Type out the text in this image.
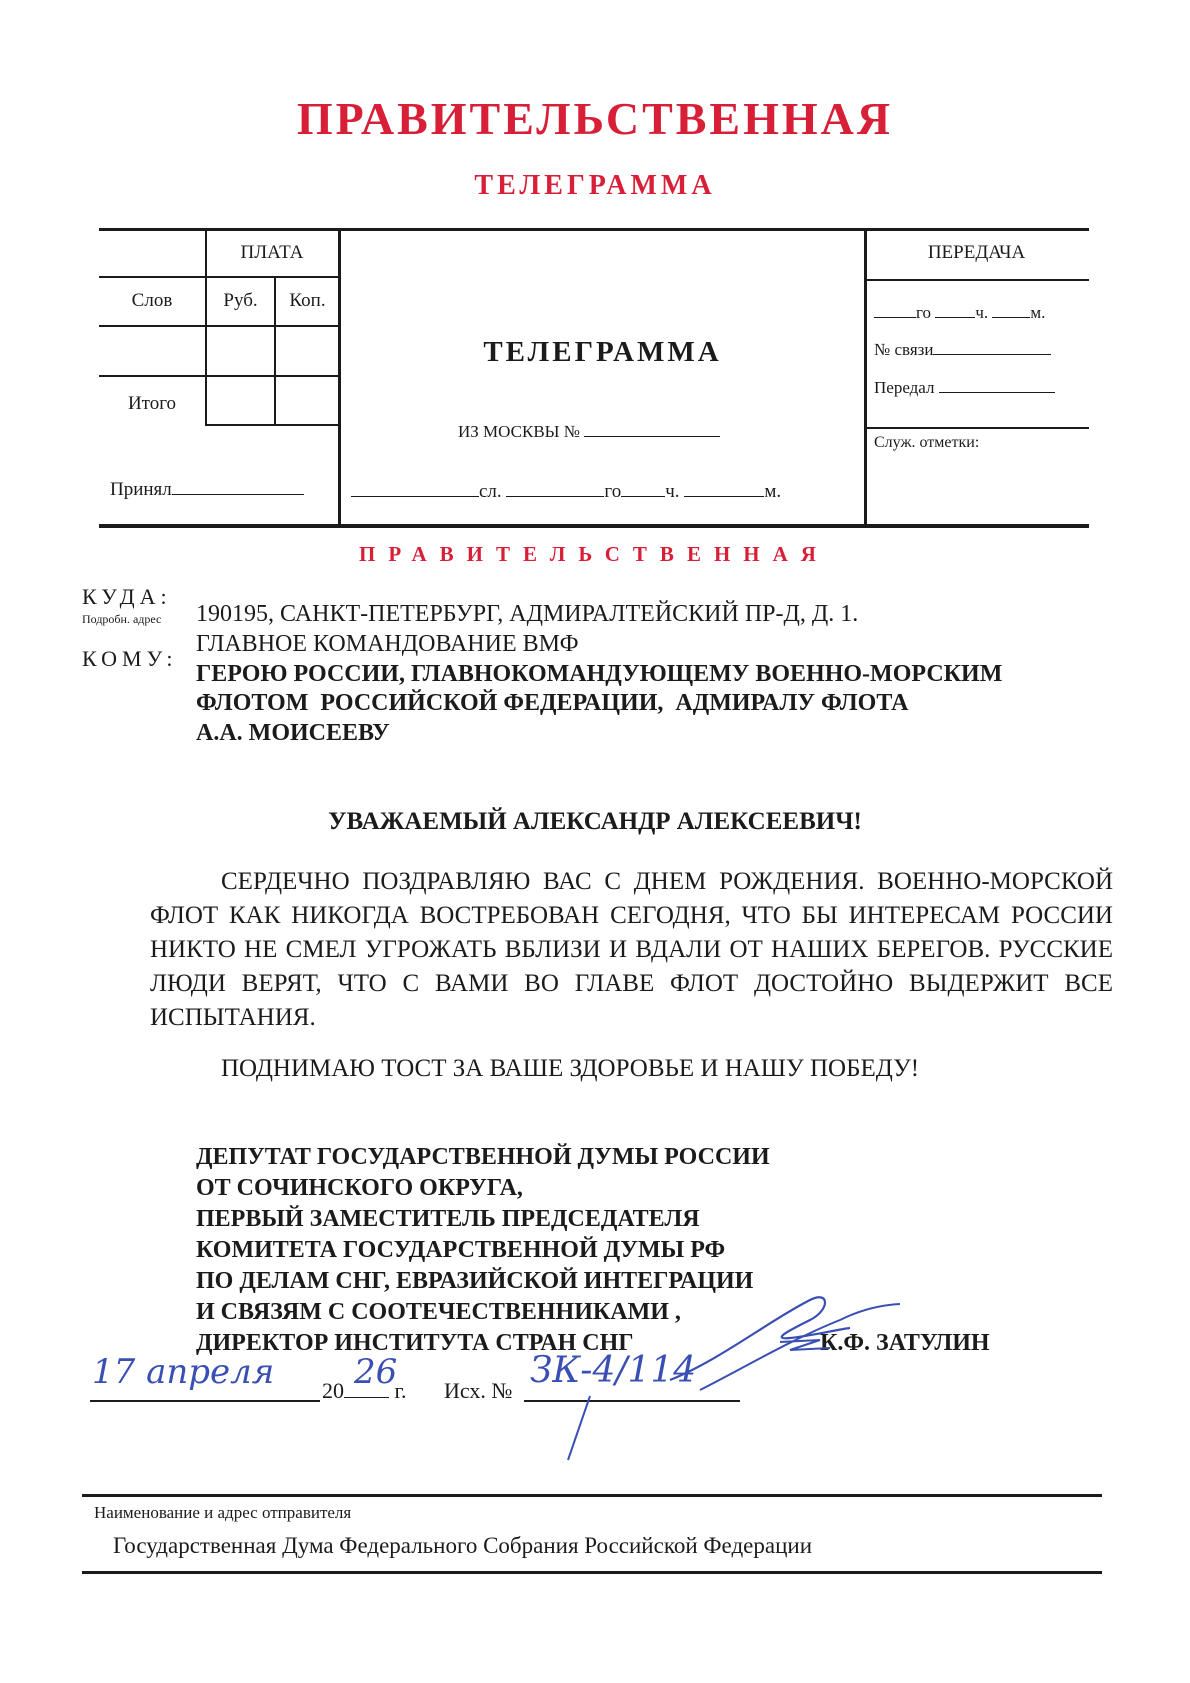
ПРАВИТЕЛЬСТВЕННАЯ
ТЕЛЕГРАММА
ПЛАТА
Слов	Руб.	Коп.
Итого
Принял
ТЕЛЕГРАММА
ИЗ МОСКВЫ №
сл.	го ч.	м.
ПЕРЕДАЧА
го	ч. м.
№ связи
Передал
Служ. отметки:
ПРАВИТЕЛЬСТВЕННАЯ
КУДА:
Подробн. адрес
КОМУ:
190195, САНКТ-ПЕТЕРБУРГ, АДМИРАЛТЕЙСКИЙ ПР-Д, Д. 1.
ГЛАВНОЕ КОМАНДОВАНИЕ ВМФ
ГЕРОЮ РОССИИ, ГЛАВНОКОМАНДУЮЩЕМУ ВОЕННО-МОРСКИМ
ФЛОТОМ  РОССИЙСКОЙ ФЕДЕРАЦИИ,  АДМИРАЛУ ФЛОТА
А.А. МОИСЕЕВУ
УВАЖАЕМЫЙ АЛЕКСАНДР АЛЕКСЕЕВИЧ!
СЕРДЕЧНО ПОЗДРАВЛЯЮ ВАС С ДНЕМ РОЖДЕНИЯ. ВОЕННО-МОРСКОЙ ФЛОТ КАК НИКОГДА ВОСТРЕБОВАН СЕГОДНЯ, ЧТО БЫ ИНТЕРЕСАМ РОССИИ НИКТО НЕ СМЕЛ УГРОЖАТЬ ВБЛИЗИ И ВДАЛИ ОТ НАШИХ БЕРЕГОВ. РУССКИЕ ЛЮДИ ВЕРЯТ, ЧТО С ВАМИ ВО ГЛАВЕ ФЛОТ ДОСТОЙНО ВЫДЕРЖИТ ВСЕ ИСПЫТАНИЯ.
ПОДНИМАЮ ТОСТ ЗА ВАШЕ ЗДОРОВЬЕ И НАШУ ПОБЕДУ!
ДЕПУТАТ ГОСУДАРСТВЕННОЙ ДУМЫ РОССИИ
ОТ СОЧИНСКОГО ОКРУГА,
ПЕРВЫЙ ЗАМЕСТИТЕЛЬ ПРЕДСЕДАТЕЛЯ
КОМИТЕТА ГОСУДАРСТВЕННОЙ ДУМЫ РФ
ПО ДЕЛАМ СНГ, ЕВРАЗИЙСКОЙ ИНТЕГРАЦИИ
И СВЯЗЯМ С СООТЕЧЕСТВЕННИКАМИ ,
ДИРЕКТОР ИНСТИТУТА СТРАН СНГ	К.Ф. ЗАТУЛИН
17 апреля 20 г.
26 Исх. № ЗК-4/114
Наименование и адрес отправителя
Государственная Дума Федерального Собрания Российской Федерации
